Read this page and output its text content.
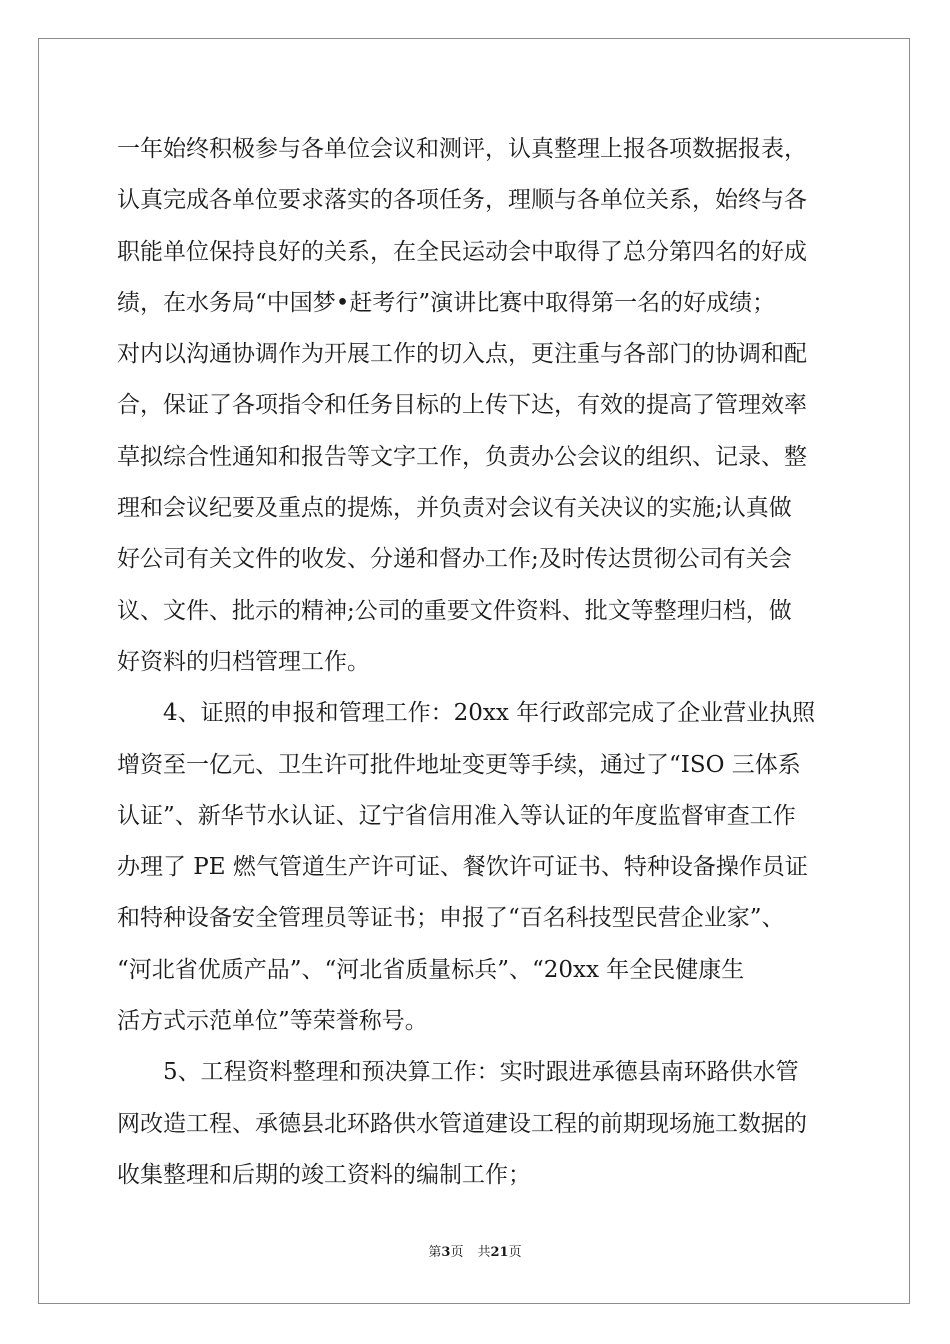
一年始终积极参与各单位会议和测评，认真整理上报各项数据报表，
认真完成各单位要求落实的各项任务，理顺与各单位关系，始终与各
职能单位保持良好的关系，在全民运动会中取得了总分第四名的好成
绩，在水务局“中国梦•赶考行”演讲比赛中取得第一名的好成绩；
对内以沟通协调作为开展工作的切入点，更注重与各部门的协调和配
合，保证了各项指令和任务目标的上传下达，有效的提高了管理效率
草拟综合性通知和报告等文字工作，负责办公会议的组织、记录、整
理和会议纪要及重点的提炼，并负责对会议有关决议的实施;认真做
好公司有关文件的收发、分递和督办工作;及时传达贯彻公司有关会
议、文件、批示的精神;公司的重要文件资料、批文等整理归档，做
好资料的归档管理工作。
4、证照的申报和管理工作：20xx 年行政部完成了企业营业执照
增资至一亿元、卫生许可批件地址变更等手续，通过了“ISO 三体系
认证”、新华节水认证、辽宁省信用准入等认证的年度监督审查工作
办理了 PE 燃气管道生产许可证、餐饮许可证书、特种设备操作员证
和特种设备安全管理员等证书；申报了“百名科技型民营企业家”、
“河北省优质产品”、“河北省质量标兵”、“20xx 年全民健康生
活方式示范单位”等荣誉称号。
5、工程资料整理和预决算工作：实时跟进承德县南环路供水管
网改造工程、承德县北环路供水管道建设工程的前期现场施工数据的
收集整理和后期的竣工资料的编制工作；
第3页 共21页
